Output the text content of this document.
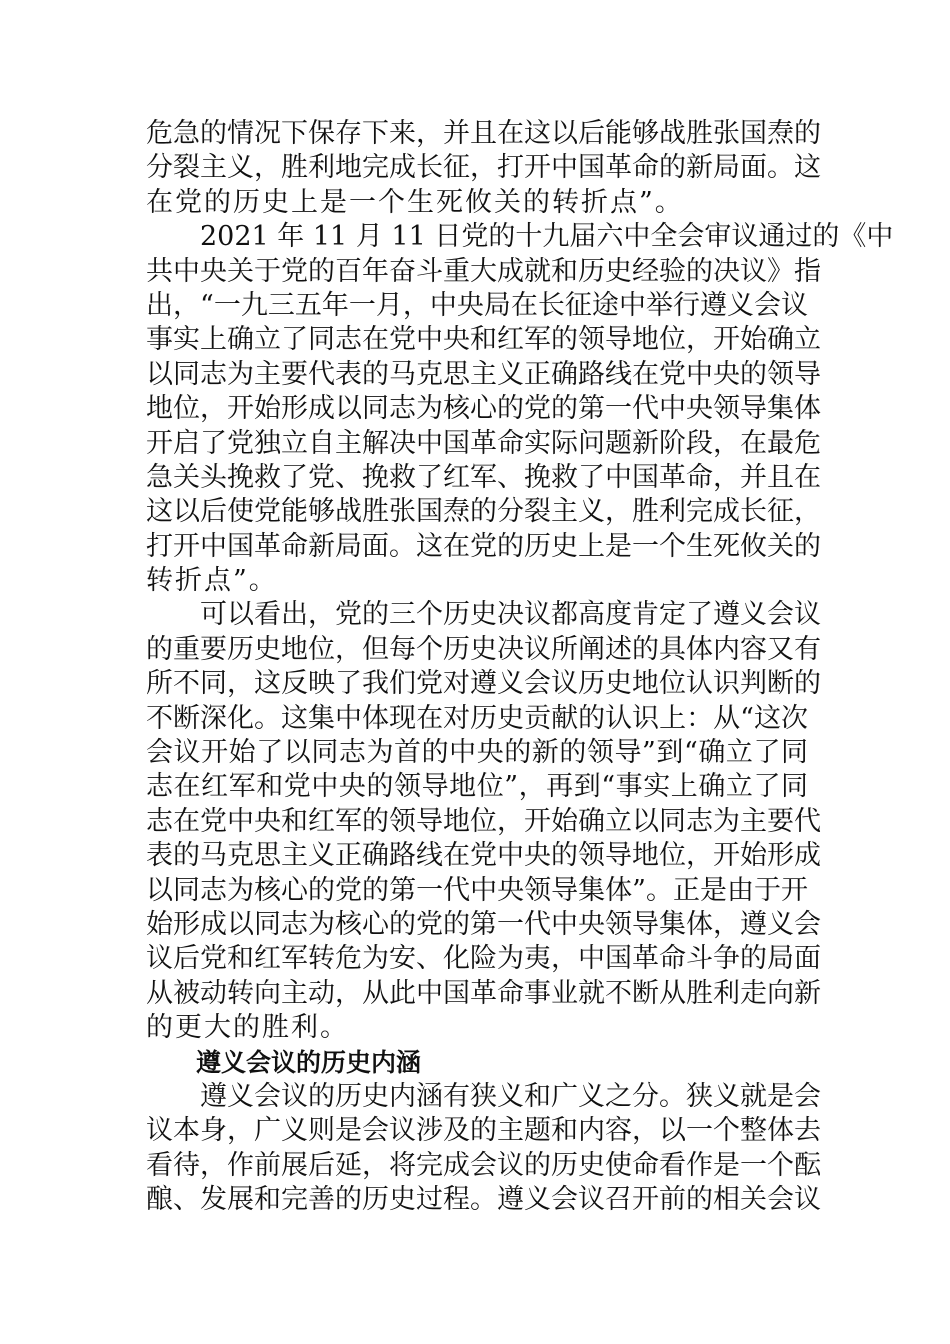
危急的情况下保存下来，并且在这以后能够战胜张国焘的
分裂主义，胜利地完成长征，打开中国革命的新局面。这
在党的历史上是一个生死攸关的转折点”。
2021 年 11 月 11 日党的十九届六中全会审议通过的《中
共中央关于党的百年奋斗重大成就和历史经验的决议》指
出，“一九三五年一月，中央局在长征途中举行遵义会议
事实上确立了同志在党中央和红军的领导地位，开始确立
以同志为主要代表的马克思主义正确路线在党中央的领导
地位，开始形成以同志为核心的党的第一代中央领导集体
开启了党独立自主解决中国革命实际问题新阶段，在最危
急关头挽救了党、挽救了红军、挽救了中国革命，并且在
这以后使党能够战胜张国焘的分裂主义，胜利完成长征，
打开中国革命新局面。这在党的历史上是一个生死攸关的
转折点”。
可以看出，党的三个历史决议都高度肯定了遵义会议
的重要历史地位，但每个历史决议所阐述的具体内容又有
所不同，这反映了我们党对遵义会议历史地位认识判断的
不断深化。这集中体现在对历史贡献的认识上：从“这次
会议开始了以同志为首的中央的新的领导”到“确立了同
志在红军和党中央的领导地位”，再到“事实上确立了同
志在党中央和红军的领导地位，开始确立以同志为主要代
表的马克思主义正确路线在党中央的领导地位，开始形成
以同志为核心的党的第一代中央领导集体”。正是由于开
始形成以同志为核心的党的第一代中央领导集体，遵义会
议后党和红军转危为安、化险为夷，中国革命斗争的局面
从被动转向主动，从此中国革命事业就不断从胜利走向新
的更大的胜利。
遵义会议的历史内涵
遵义会议的历史内涵有狭义和广义之分。狭义就是会
议本身，广义则是会议涉及的主题和内容，以一个整体去
看待，作前展后延，将完成会议的历史使命看作是一个酝
酿、发展和完善的历史过程。遵义会议召开前的相关会议
